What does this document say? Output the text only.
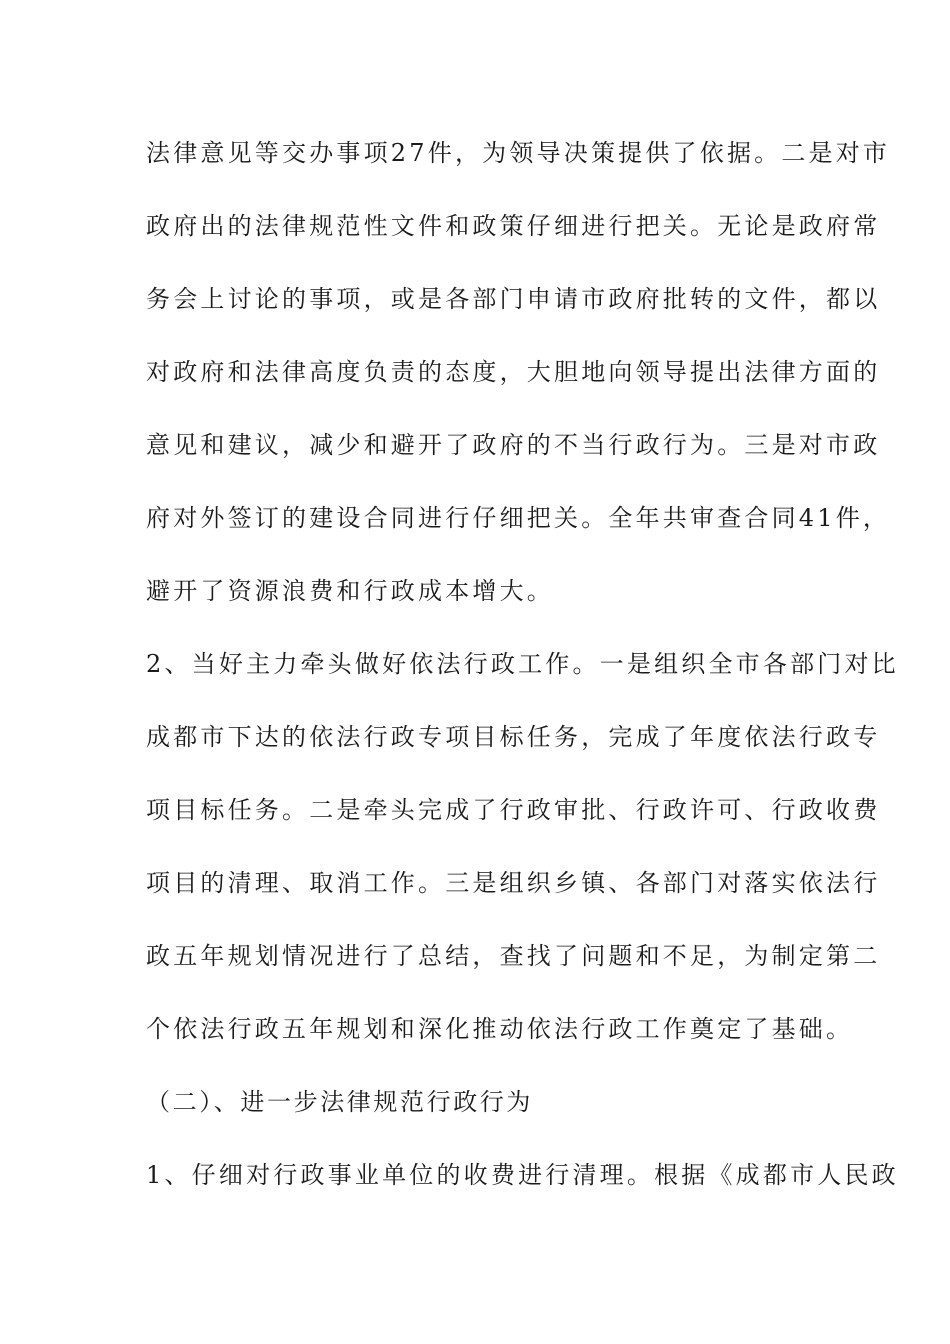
法律意见等交办事项27件，为领导决策提供了依据。二是对市
政府出的法律规范性文件和政策仔细进行把关。无论是政府常
务会上讨论的事项，或是各部门申请市政府批转的文件，都以
对政府和法律高度负责的态度，大胆地向领导提出法律方面的
意见和建议，减少和避开了政府的不当行政行为。三是对市政
府对外签订的建设合同进行仔细把关。全年共审查合同41件，
避开了资源浪费和行政成本增大。
2、当好主力牵头做好依法行政工作。一是组织全市各部门对比
成都市下达的依法行政专项目标任务，完成了年度依法行政专
项目标任务。二是牵头完成了行政审批、行政许可、行政收费
项目的清理、取消工作。三是组织乡镇、各部门对落实依法行
政五年规划情况进行了总结，查找了问题和不足，为制定第二
个依法行政五年规划和深化推动依法行政工作奠定了基础。
（二）、进一步法律规范行政行为
1、仔细对行政事业单位的收费进行清理。根据《成都市人民政
